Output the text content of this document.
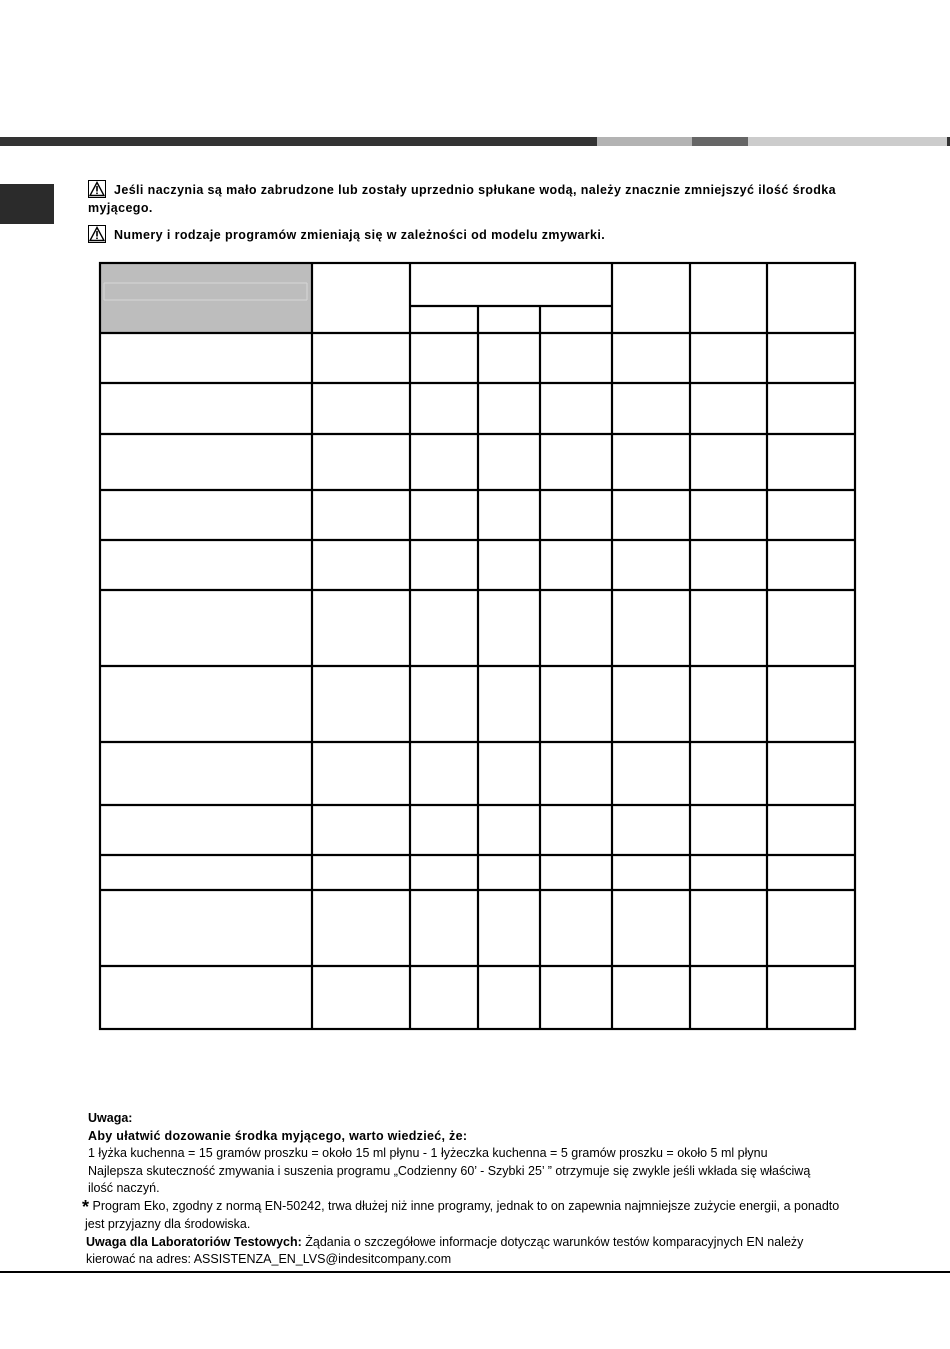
Jeśli naczynia są mało zabrudzone lub zostały uprzednio spłukane wodą, należy znacznie zmniejszyć ilość środka
myjącego.
Numery i rodzaje programów zmieniają się w zależności od modelu zmywarki.
Uwaga:
Aby ułatwić dozowanie środka myjącego, warto wiedzieć, że:
1 łyżka kuchenna = 15 gramów proszku = około 15 ml płynu - 1 łyżeczka kuchenna = 5 gramów proszku = około 5 ml płynu
Najlepsza skuteczność zmywania i suszenia programu „Codzienny 60’ - Szybki 25’ ” otrzymuje się zwykle jeśli wkłada się właściwą
ilość naczyń.
* Program Eko, zgodny z normą EN-50242, trwa dłużej niż inne programy, jednak to on zapewnia najmniejsze zużycie energii, a ponadto
jest przyjazny dla środowiska.
Uwaga dla Laboratoriów Testowych: Żądania o szczegółowe informacje dotycząc warunków testów komparacyjnych EN należy
kierować na adres: ASSISTENZA_EN_LVS@indesitcompany.com
